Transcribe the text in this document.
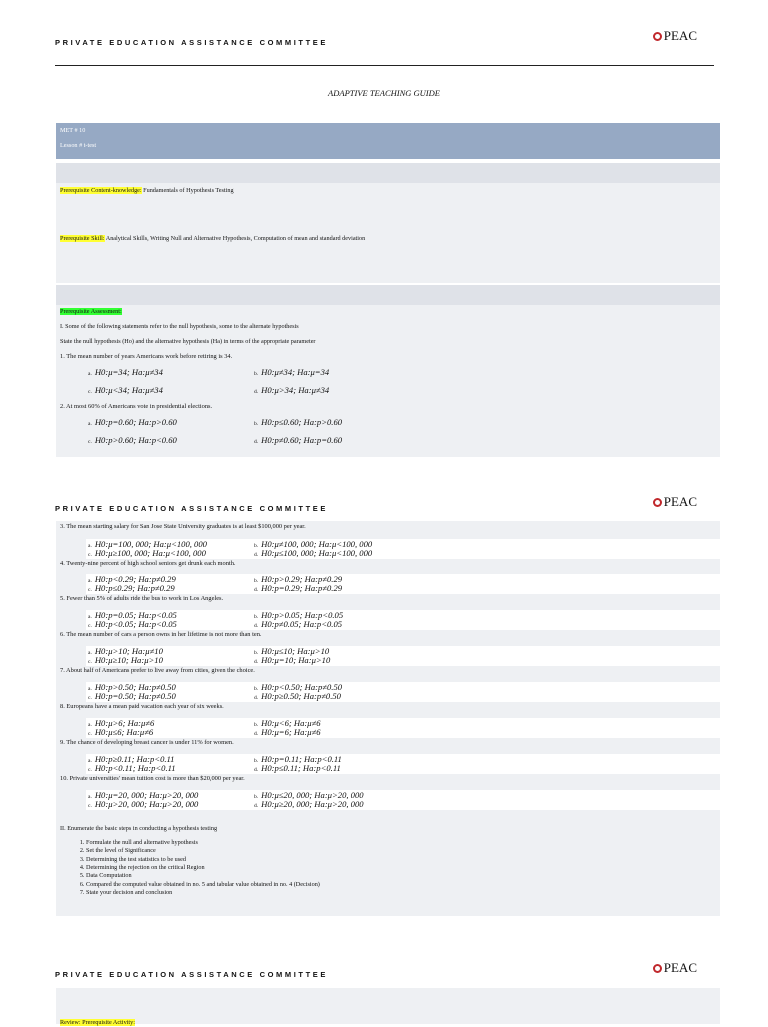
PRIVATE EDUCATION ASSISTANCE COMMITTEE	PEAC
ADAPTIVE TEACHING GUIDE
MET # 10
Lesson # t-test
Prerequisite Content-knowledge: Fundamentals of Hypothesis Testing
Prerequisite Skill: Analytical Skills, Writing Null and Alternative Hypothesis, Computation of mean and standard deviation
Prerequisite Assessment:
I. Some of the following statements refer to the null hypothesis, some to the alternate hypothesis
State the null hypothesis (Ho) and the alternative hypothesis (Ha) in terms of the appropriate parameter
1. The mean number of years Americans work before retiring is 34.
a. H0:μ=34; Ha:μ≠34	b. H0:μ≠34; Ha:μ=34
c. H0:μ<34; Ha:μ≠34	d. H0:μ>34; Ha:μ≠34
2. At most 60% of Americans vote in presidential elections.
a. H0:p=0.60; Ha:p>0.60	b. H0:p≤0.60; Ha:p>0.60
c. H0:p>0.60; Ha:p<0.60	d. H0:p≠0.60; Ha:p=0.60
PRIVATE EDUCATION ASSISTANCE COMMITTEE	PEAC
3. The mean starting salary for San Jose State University graduates is at least $100,000 per year.
a. H0:μ=100, 000; Ha:μ<100, 000	b. H0:μ≠100, 000; Ha:μ<100, 000
c. H0:μ≥100, 000; Ha:μ<100, 000	d. H0:μ≤100, 000; Ha:μ<100, 000
4. Twenty-nine percent of high school seniors get drunk each month.
a. H0:p<0.29; Ha:p≠0.29	b. H0:p>0.29; Ha:p≠0.29
c. H0:p≤0.29; Ha:p≠0.29	d. H0:p=0.29; Ha:p≠0.29
5. Fewer than 5% of adults ride the bus to work in Los Angeles.
a. H0:p=0.05; Ha:p<0.05	b. H0:p>0.05; Ha:p<0.05
c. H0:p<0.05; Ha:p<0.05	d. H0:p≠0.05; Ha:p<0.05
6. The mean number of cars a person owns in her lifetime is not more than ten.
a. H0:μ>10; Ha:μ≠10	b. H0:μ≤10; Ha:μ>10
c. H0:μ≥10; Ha:μ>10	d. H0:μ=10; Ha:μ>10
7. About half of Americans prefer to live away from cities, given the choice.
a. H0:p>0.50; Ha:p≠0.50	b. H0:p<0.50; Ha:p≠0.50
c. H0:p=0.50; Ha:p≠0.50	d. H0:p≥0.50; Ha:p≠0.50
8. Europeans have a mean paid vacation each year of six weeks.
a. H0:μ>6; Ha:μ≠6	b. H0:μ<6; Ha:μ≠6
c. H0:μ≤6; Ha:μ≠6	d. H0:μ=6; Ha:μ≠6
9. The chance of developing breast cancer is under 11% for women.
a. H0:p≥0.11; Ha:p<0.11	b. H0:p=0.11; Ha:p<0.11
c. H0:p<0.11; Ha:p<0.11	d. H0:p≤0.11; Ha:p<0.11
10. Private universities' mean tuition cost is more than $20,000 per year.
a. H0:μ=20, 000; Ha:μ>20, 000	b. H0:μ≤20, 000; Ha:μ>20, 000
c. H0:μ>20, 000; Ha:μ>20, 000	d. H0:μ≥20, 000; Ha:μ>20, 000
II. Enumerate the basic steps in conducting a hypothesis testing
1. Formulate the null and alternative hypothesis
2. Set the level of Significance
3. Determining the test statistics to be used
4. Determining the rejection on the critical Region
5. Data Computation
6. Compared the computed value obtained in no. 5 and tabular value obtained in no. 4 (Decision)
7. State your decision and conclusion
PRIVATE EDUCATION ASSISTANCE COMMITTEE	PEAC
Review: Prerequisite Activity:
